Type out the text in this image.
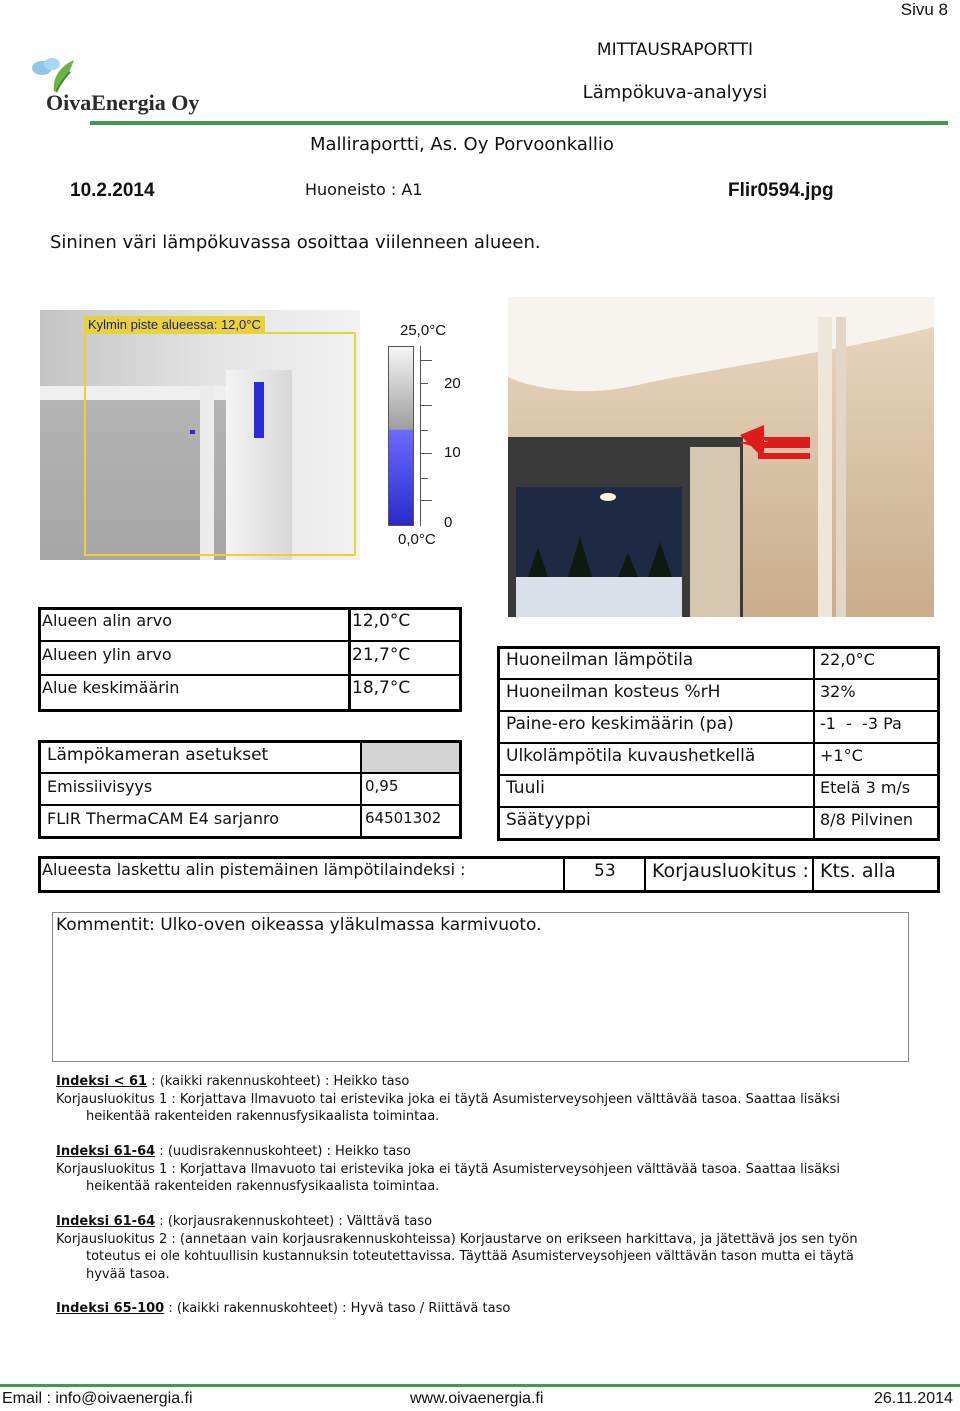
Sivu 8
OivaEnergia Oy
MITTAUSRAPORTTI
Lämpökuva-analyysi
Malliraportti, As. Oy Porvoonkallio
10.2.2014	Huoneisto : A1	Flir0594.jpg
Sininen väri lämpökuvassa osoittaa viilenneen alueen.
Kylmin piste alueessa: 12,0°C	25,0°C
20
10
0
0,0°C
Alueen alin arvo	12,0°C
Alueen ylin arvo	21,7°C
Alue keskimäärin	18,7°C
Lämpökameran asetukset
Emissiivisyys	0,95
FLIR ThermaCAM E4 sarjanro	64501302
Huoneilman lämpötila	22,0°C
Huoneilman kosteus %rH	32%
Paine-ero keskimäärin (pa)	-1  -  -3 Pa
Ulkolämpötila kuvaushetkellä	+1°C
Tuuli	Etelä 3 m/s
Säätyyppi	8/8 Pilvinen
Alueesta laskettu alin pistemäinen lämpötilaindeksi :	53 Korjausluokitus : Kts. alla
Kommentit: Ulko-oven oikeassa yläkulmassa karmivuoto.
Indeksi < 61 : (kaikki rakennuskohteet) : Heikko taso
Korjausluokitus 1 : Korjattava Ilmavuoto tai eristevika joka ei täytä Asumisterveysohjeen välttävää tasoa. Saattaa lisäksi
heikentää rakenteiden rakennusfysikaalista toimintaa.
Indeksi 61-64 : (uudisrakennuskohteet) : Heikko taso
Korjausluokitus 1 : Korjattava Ilmavuoto tai eristevika joka ei täytä Asumisterveysohjeen välttävää tasoa. Saattaa lisäksi
heikentää rakenteiden rakennusfysikaalista toimintaa.
Indeksi 61-64 : (korjausrakennuskohteet) : Välttävä taso
Korjausluokitus 2 : (annetaan vain korjausrakennuskohteissa) Korjaustarve on erikseen harkittava, ja jätettävä jos sen työn
toteutus ei ole kohtuullisin kustannuksin toteutettavissa. Täyttää Asumisterveysohjeen välttävän tason mutta ei täytä
hyvää tasoa.
Indeksi 65-100 : (kaikki rakennuskohteet) : Hyvä taso / Riittävä taso
Email : info@oivaenergia.fi	www.oivaenergia.fi	26.11.2014
